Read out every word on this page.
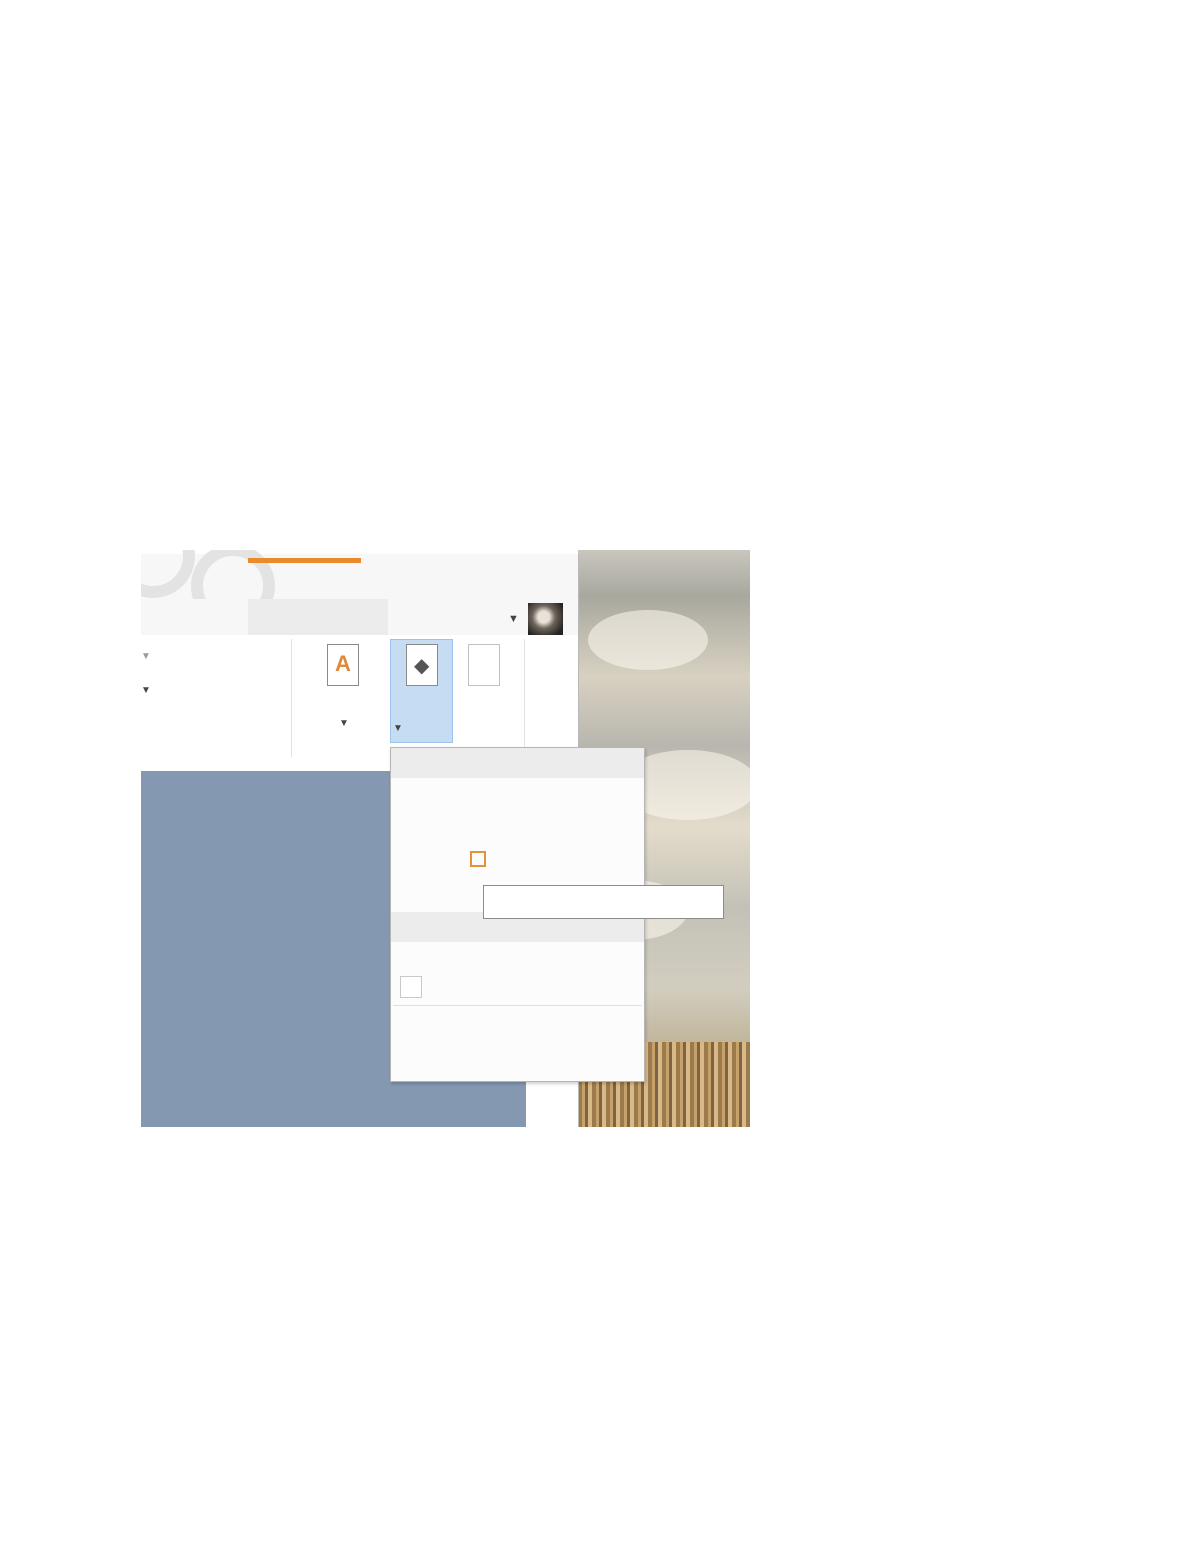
▼
▼
▼
A
▼
◆
▼
